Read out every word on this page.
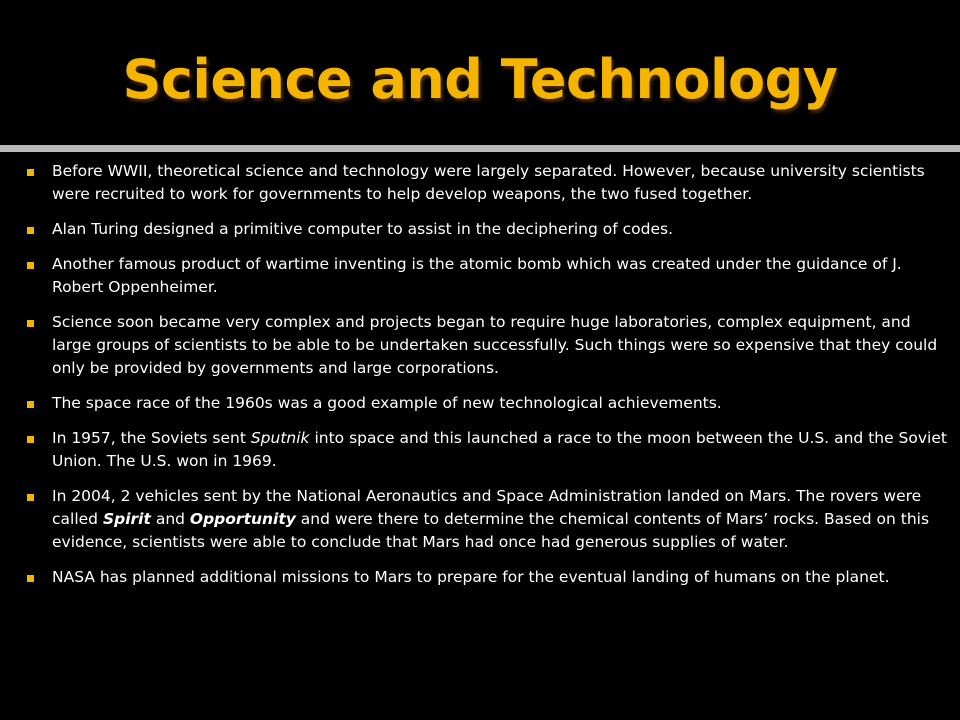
Science and Technology
Before WWII, theoretical science and technology were largely separated. However, because university scientists were recruited to work for governments to help develop weapons, the two fused together.
Alan Turing designed a primitive computer to assist in the deciphering of codes.
Another famous product of wartime inventing is the atomic bomb which was created under the guidance of J. Robert Oppenheimer.
Science soon became very complex and projects began to require huge laboratories, complex equipment, and large groups of scientists to be able to be undertaken successfully. Such things were so expensive that they could only be provided by governments and large corporations.
The space race of the 1960s was a good example of new technological achievements.
In 1957, the Soviets sent Sputnik into space and this launched a race to the moon between the U.S. and the Soviet Union. The U.S. won in 1969.
In 2004, 2 vehicles sent by the National Aeronautics and Space Administration landed on Mars. The rovers were called Spirit and Opportunity and were there to determine the chemical contents of Mars’ rocks. Based on this evidence, scientists were able to conclude that Mars had once had generous supplies of water.
NASA has planned additional missions to Mars to prepare for the eventual landing of humans on the planet.
